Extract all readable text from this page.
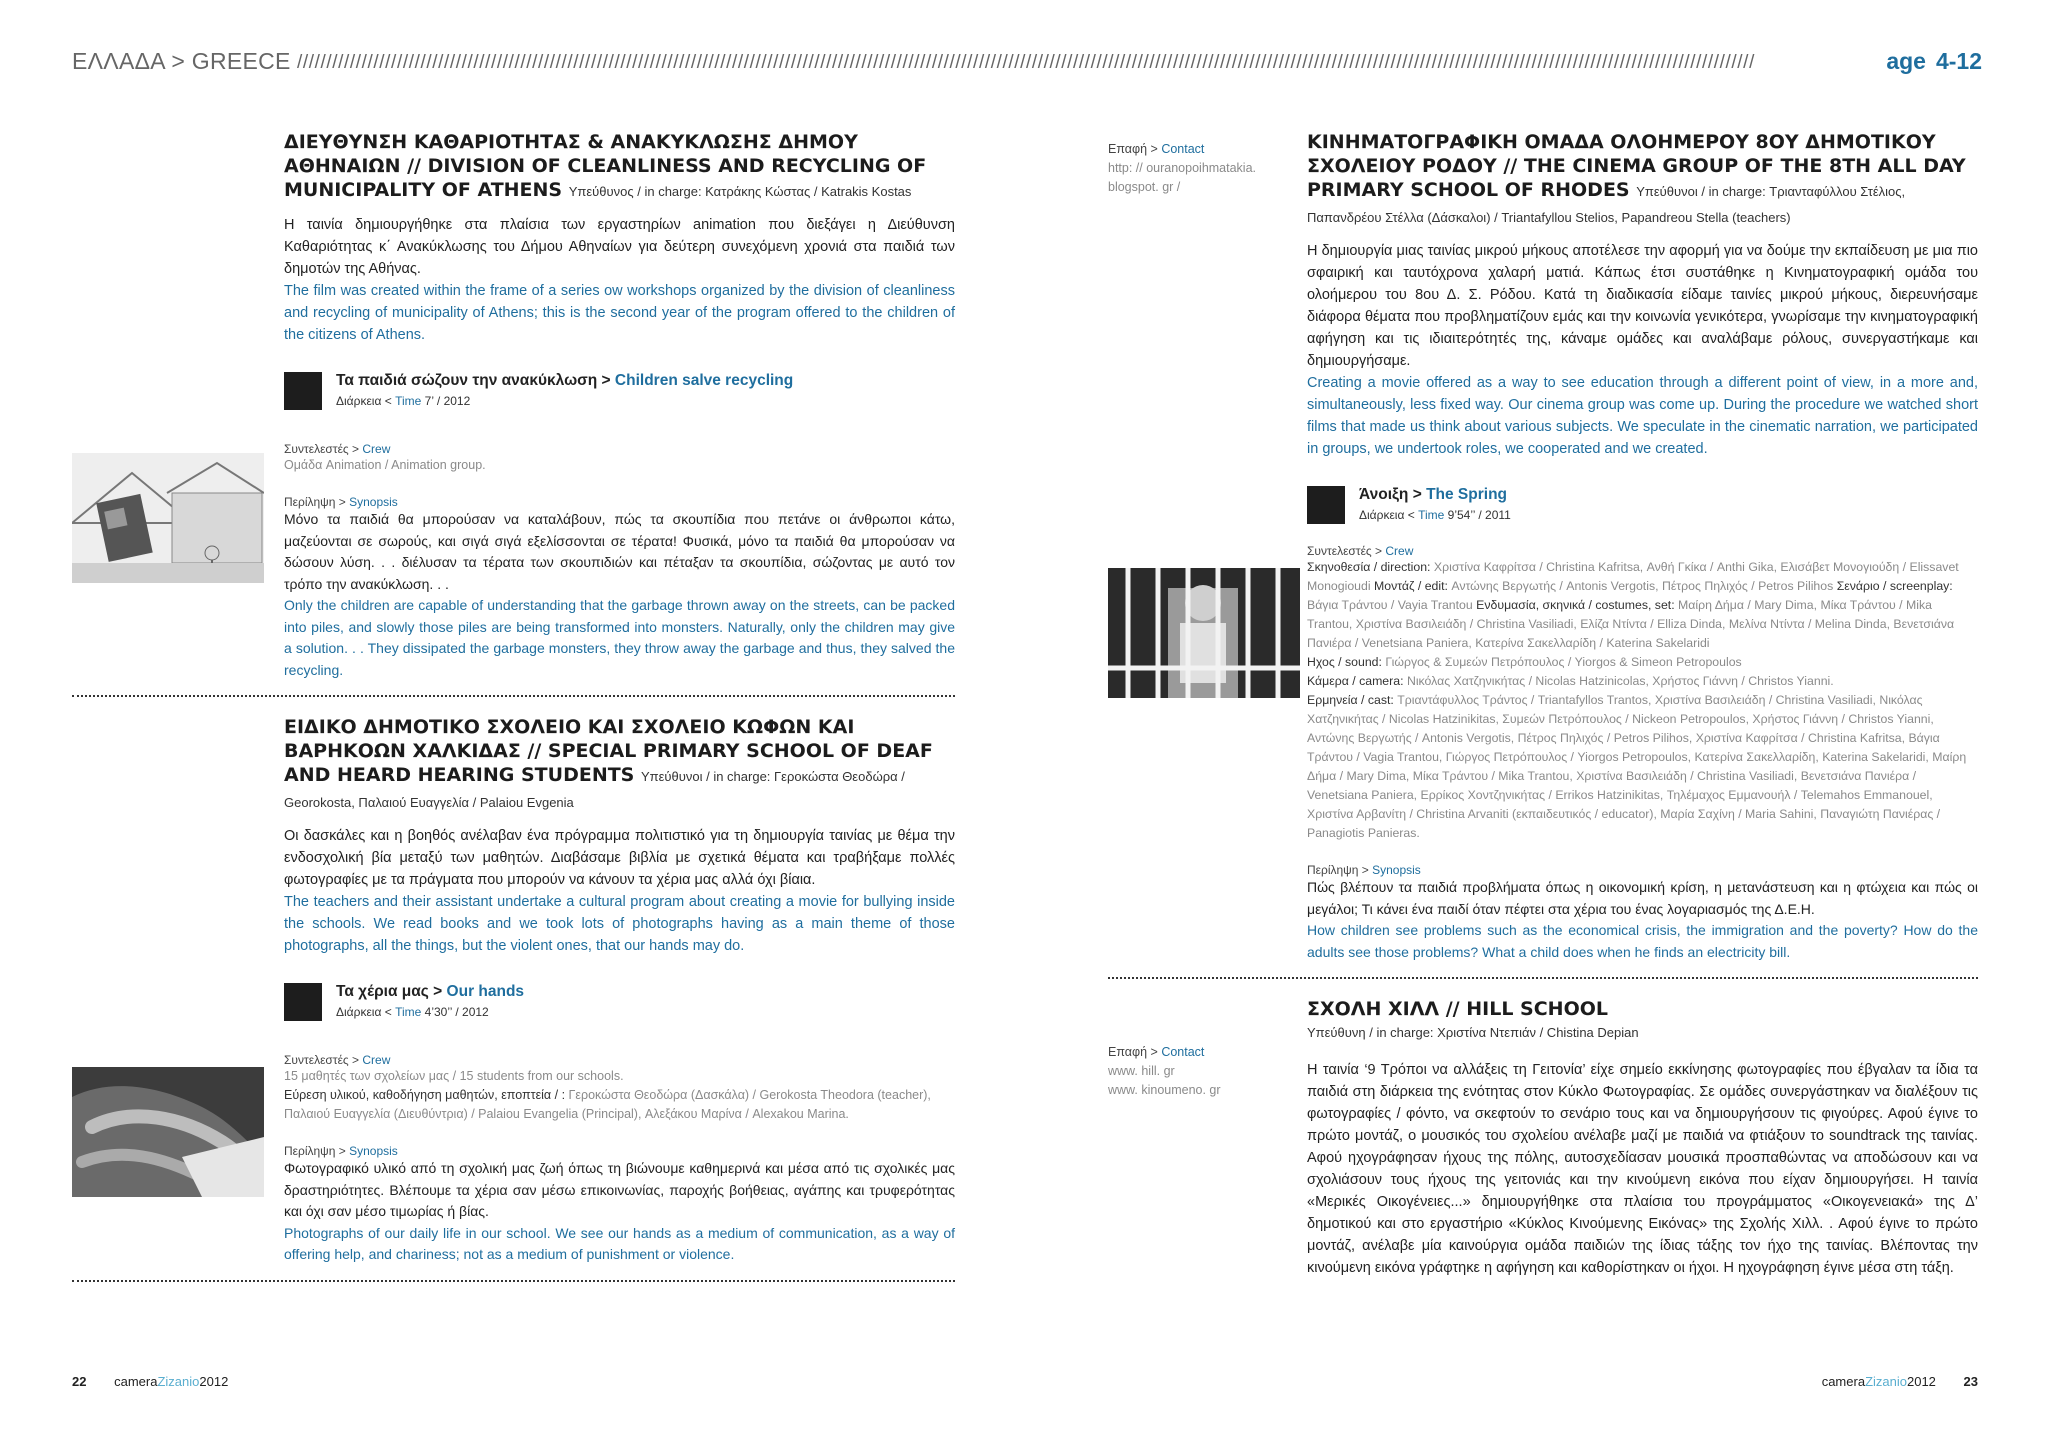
ΕΛΛΑΔΑ > GREECE ////////////////////////////////////////////////////////////////////////////////////////////////////////////////////////////////////////////////////////////////////////////////////////////////////////////////////////////////////////////////////////	age 4-12
ΔΙΕΥΘΥΝΣΗ ΚΑΘΑΡΙΟΤΗΤΑΣ & ΑΝΑΚΥΚΛΩΣΗΣ ΔΗΜΟΥ ΑΘΗΝΑΙΩΝ // DIVISION OF CLEANLINESS AND RECYCLING OF MUNICIPALITY OF ATHENS Υπεύθυνος / in charge: Κατράκης Κώστας / Katrakis Kostas
Η ταινία δημιουργήθηκε στα πλαίσια των εργαστηρίων animation που διεξάγει η Διεύθυνση Καθαριότητας κ΄ Ανακύκλωσης του Δήμου Αθηναίων για δεύτερη συνεχόμενη χρονιά στα παιδιά των δημοτών της Αθήνας.
The film was created within the frame of a series ow workshops organized by the division of cleanliness and recycling of municipality of Athens; this is the second year of the program offered to the children of the citizens of Athens.
Τα παιδιά σώζουν την ανακύκλωση > Children salve recycling
Διάρκεια < Time 7’ / 2012
Συντελεστές > Crew
Ομάδα Animation / Animation group.
Περίληψη > Synopsis
Μόνο τα παιδιά θα μπορούσαν να καταλάβουν, πώς τα σκουπίδια που πετάνε οι άνθρωποι κάτω, μαζεύονται σε σωρούς, και σιγά σιγά εξελίσσονται σε τέρατα! Φυσικά, μόνο τα παιδιά θα μπορούσαν να δώσουν λύση. . . διέλυσαν τα τέρατα των σκουπιδιών και πέταξαν τα σκουπίδια, σώζοντας με αυτό τον τρόπο την ανακύκλωση. . .
Only the children are capable of understanding that the garbage thrown away on the streets, can be packed into piles, and slowly those piles are being transformed into monsters. Naturally, only the children may give a solution. . . They dissipated the garbage monsters, they throw away the garbage and thus, they salved the recycling.
ΕΙΔΙΚΟ ΔΗΜΟΤΙΚΟ ΣΧΟΛΕΙΟ ΚΑΙ ΣΧΟΛΕΙΟ ΚΩΦΩΝ ΚΑΙ ΒΑΡΗΚΟΩΝ ΧΑΛΚΙΔΑΣ // SPECIAL PRIMARY SCHOOL OF DEAF AND HEARD HEARING STUDENTS Υπεύθυνοι / in charge: Γεροκώστα Θεοδώρα / Georokosta, Παλαιού Ευαγγελία / Palaiou Evgenia
Οι δασκάλες και η βοηθός ανέλαβαν ένα πρόγραμμα πολιτιστικό για τη δημιουργία ταινίας με θέμα την ενδοσχολική βία μεταξύ των μαθητών. Διαβάσαμε βιβλία με σχετικά θέματα και τραβήξαμε πολλές φωτογραφίες με τα πράγματα που μπορούν να κάνουν τα χέρια μας αλλά όχι βίαια.
The teachers and their assistant undertake a cultural program about creating a movie for bullying inside the schools. We read books and we took lots of photographs having as a main theme of those photographs, all the things, but the violent ones, that our hands may do.
Τα χέρια μας > Our hands
Διάρκεια < Time 4’30’’ / 2012
Συντελεστές > Crew
15 μαθητές των σχολείων μας / 15 students from our schools.
Εύρεση υλικού, καθοδήγηση μαθητών, εποπτεία / : Γεροκώστα Θεοδώρα (Δασκάλα) / Gerokosta Theodora (teacher), Παλαιού Ευαγγελία (Διευθύντρια) / Palaiou Evangelia (Principal), Αλεξάκου Μαρίνα / Alexakou Marina.
Περίληψη > Synopsis
Φωτογραφικό υλικό από τη σχολική μας ζωή όπως τη βιώνουμε καθημερινά και μέσα από τις σχολικές μας δραστηριότητες. Βλέπουμε τα χέρια σαν μέσω επικοινωνίας, παροχής βοήθειας, αγάπης και τρυφερότητας και όχι σαν μέσο τιμωρίας ή βίας.
Photographs of our daily life in our school. We see our hands as a medium of communication, as a way of offering help, and chariness; not as a medium of punishment or violence.
Επαφή > Contact
http: // ouranopoihmatakia.
blogspot. gr /
Επαφή > Contact
www. hill. gr
www. kinoumeno. gr
ΚΙΝΗΜΑΤΟΓΡΑΦΙΚΗ ΟΜΑΔΑ ΟΛΟΗΜΕΡΟΥ 8ΟΥ ΔΗΜΟΤΙΚΟΥ ΣΧΟΛΕΙΟΥ ΡΟΔΟΥ // THE CINEMA GROUP OF THE 8TH ALL DAY PRIMARY SCHOOL OF RHODES Υπεύθυνοι / in charge: Τριανταφύλλου Στέλιος, Παπανδρέου Στέλλα (Δάσκαλοι) / Triantafyllou Stelios, Papandreou Stella (teachers)
Η δημιουργία μιας ταινίας μικρού μήκους αποτέλεσε την αφορμή για να δούμε την εκπαίδευση με μια πιο σφαιρική και ταυτόχρονα χαλαρή ματιά. Κάπως έτσι συστάθηκε η Κινηματογραφική ομάδα του ολοήμερου του 8ου Δ. Σ. Ρόδου. Κατά τη διαδικασία είδαμε ταινίες μικρού μήκους, διερευνήσαμε διάφορα θέματα που προβληματίζουν εμάς και την κοινωνία γενικότερα, γνωρίσαμε την κινηματογραφική αφήγηση και τις ιδιαιτερότητές της, κάναμε ομάδες και αναλάβαμε ρόλους, συνεργαστήκαμε και δημιουργήσαμε.
Creating a movie offered as a way to see education through a different point of view, in a more and, simultaneously, less fixed way. Our cinema group was come up. During the procedure we watched short films that made us think about various subjects. We speculate in the cinematic narration, we participated in groups, we undertook roles, we cooperated and we created.
Άνοιξη > The Spring
Διάρκεια < Time 9’54’’ / 2011
Συντελεστές > Crew
Σκηνοθεσία / direction: Χριστίνα Καφρίτσα / Christina Kafritsa, Ανθή Γκίκα / Anthi Gika, Ελισάβετ Μονογιούδη / Elissavet Monogioudi Μοντάζ / edit: Αντώνης Βεργωτής / Antonis Vergotis, Πέτρος Πηλιχός / Petros Pilihos Σενάριο / screenplay: Βάγια Τράντου / Vayia Trantou Ενδυμασία, σκηνικά / costumes, set: Μαίρη Δήμα / Mary Dima, Μίκα Τράντου / Mika Trantou, Χριστίνα Βασιλειάδη / Christina Vasiliadi, Ελίζα Ντίντα / Elliza Dinda, Μελίνα Ντίντα / Melina Dinda, Βενετσιάνα Πανιέρα / Venetsiana Paniera, Κατερίνα Σακελλαρίδη / Katerina Sakelaridi
Ηχος / sound: Γιώργος & Συμεών Πετρόπουλος / Yiorgos & Simeon Petropoulos
Κάμερα / camera: Νικόλας Χατζηνικήτας / Nicolas Hatzinicolas, Χρήστος Γιάννη / Christos Yianni.
Ερμηνεία / cast: Τριαντάφυλλος Τράντος / Triantafyllos Trantos, Χριστίνα Βασιλειάδη / Christina Vasiliadi, Νικόλας Χατζηνικήτας / Nicolas Hatzinikitas, Συμεών Πετρόπουλος / Nickeon Petropoulos, Χρήστος Γιάννη / Christos Yianni, Αντώνης Βεργωτής / Antonis Vergotis, Πέτρος Πηλιχός / Petros Pilihos, Χριστίνα Καφρίτσα / Christina Kafritsa, Βάγια Τράντου / Vagia Trantou, Γιώργος Πετρόπουλος / Yiorgos Petropoulos, Κατερίνα Σακελλαρίδη, Katerina Sakelaridi, Μαίρη Δήμα / Mary Dima, Μίκα Τράντου / Mika Trantou, Χριστίνα Βασιλειάδη / Christina Vasiliadi, Βενετσιάνα Πανιέρα / Venetsiana Paniera, Ερρίκος Χοντζηνικήτας / Errikos Hatzinikitas, Τηλέμαχος Εμμανουήλ / Telemahos Emmanouel, Χριστίνα Αρβανίτη / Christina Arvaniti (εκπαιδευτικός / educator), Μαρία Σαχίνη / Maria Sahini, Παναγιώτη Πανιέρας / Panagiotis Panieras.
Περίληψη > Synopsis
Πώς βλέπουν τα παιδιά προβλήματα όπως η οικονομική κρίση, η μετανάστευση και η φτώχεια και πώς οι μεγάλοι; Τι κάνει ένα παιδί όταν πέφτει στα χέρια του ένας λογαριασμός της Δ.Ε.Η.
How children see problems such as the economical crisis, the immigration and the poverty? How do the adults see those problems? What a child does when he finds an electricity bill.
ΣΧΟΛΗ ΧΙΛΛ // HILL SCHOOL
Υπεύθυνη / in charge: Χριστίνα Ντεπιάν / Chistina Depian
Η ταινία ‘9 Τρόποι να αλλάξεις τη Γειτονία’ είχε σημείο εκκίνησης φωτογραφίες που έβγαλαν τα ίδια τα παιδιά στη διάρκεια της ενότητας στον Κύκλο Φωτογραφίας. Σε ομάδες συνεργάστηκαν να διαλέξουν τις φωτογραφίες / φόντο, να σκεφτούν το σενάριο τους και να δημιουργήσουν τις φιγούρες. Αφού έγινε το πρώτο μοντάζ, ο μουσικός του σχολείου ανέλαβε μαζί με παιδιά να φτιάξουν το soundtrack της ταινίας. Αφού ηχογράφησαν ήχους της πόλης, αυτοσχεδίασαν μουσικά προσπαθώντας να αποδώσουν και να σχολιάσουν τους ήχους της γειτονιάς και την κινούμενη εικόνα που είχαν δημιουργήσει. Η ταινία «Μερικές Οικογένειες...» δημιουργήθηκε στα πλαίσια του προγράμματος «Οικογενειακά» της Δ’ δημοτικού και στο εργαστήριο «Κύκλος Κινούμενης Εικόνας» της Σχολής Χιλλ. . Αφού έγινε το πρώτο μοντάζ, ανέλαβε μία καινούργια ομάδα παιδιών της ίδιας τάξης τον ήχο της ταινίας. Βλέποντας την κινούμενη εικόνα γράφτηκε η αφήγηση και καθορίστηκαν οι ήχοι. Η ηχογράφηση έγινε μέσα στη τάξη.
22 cameraZizanio2012	cameraZizanio2012 23
